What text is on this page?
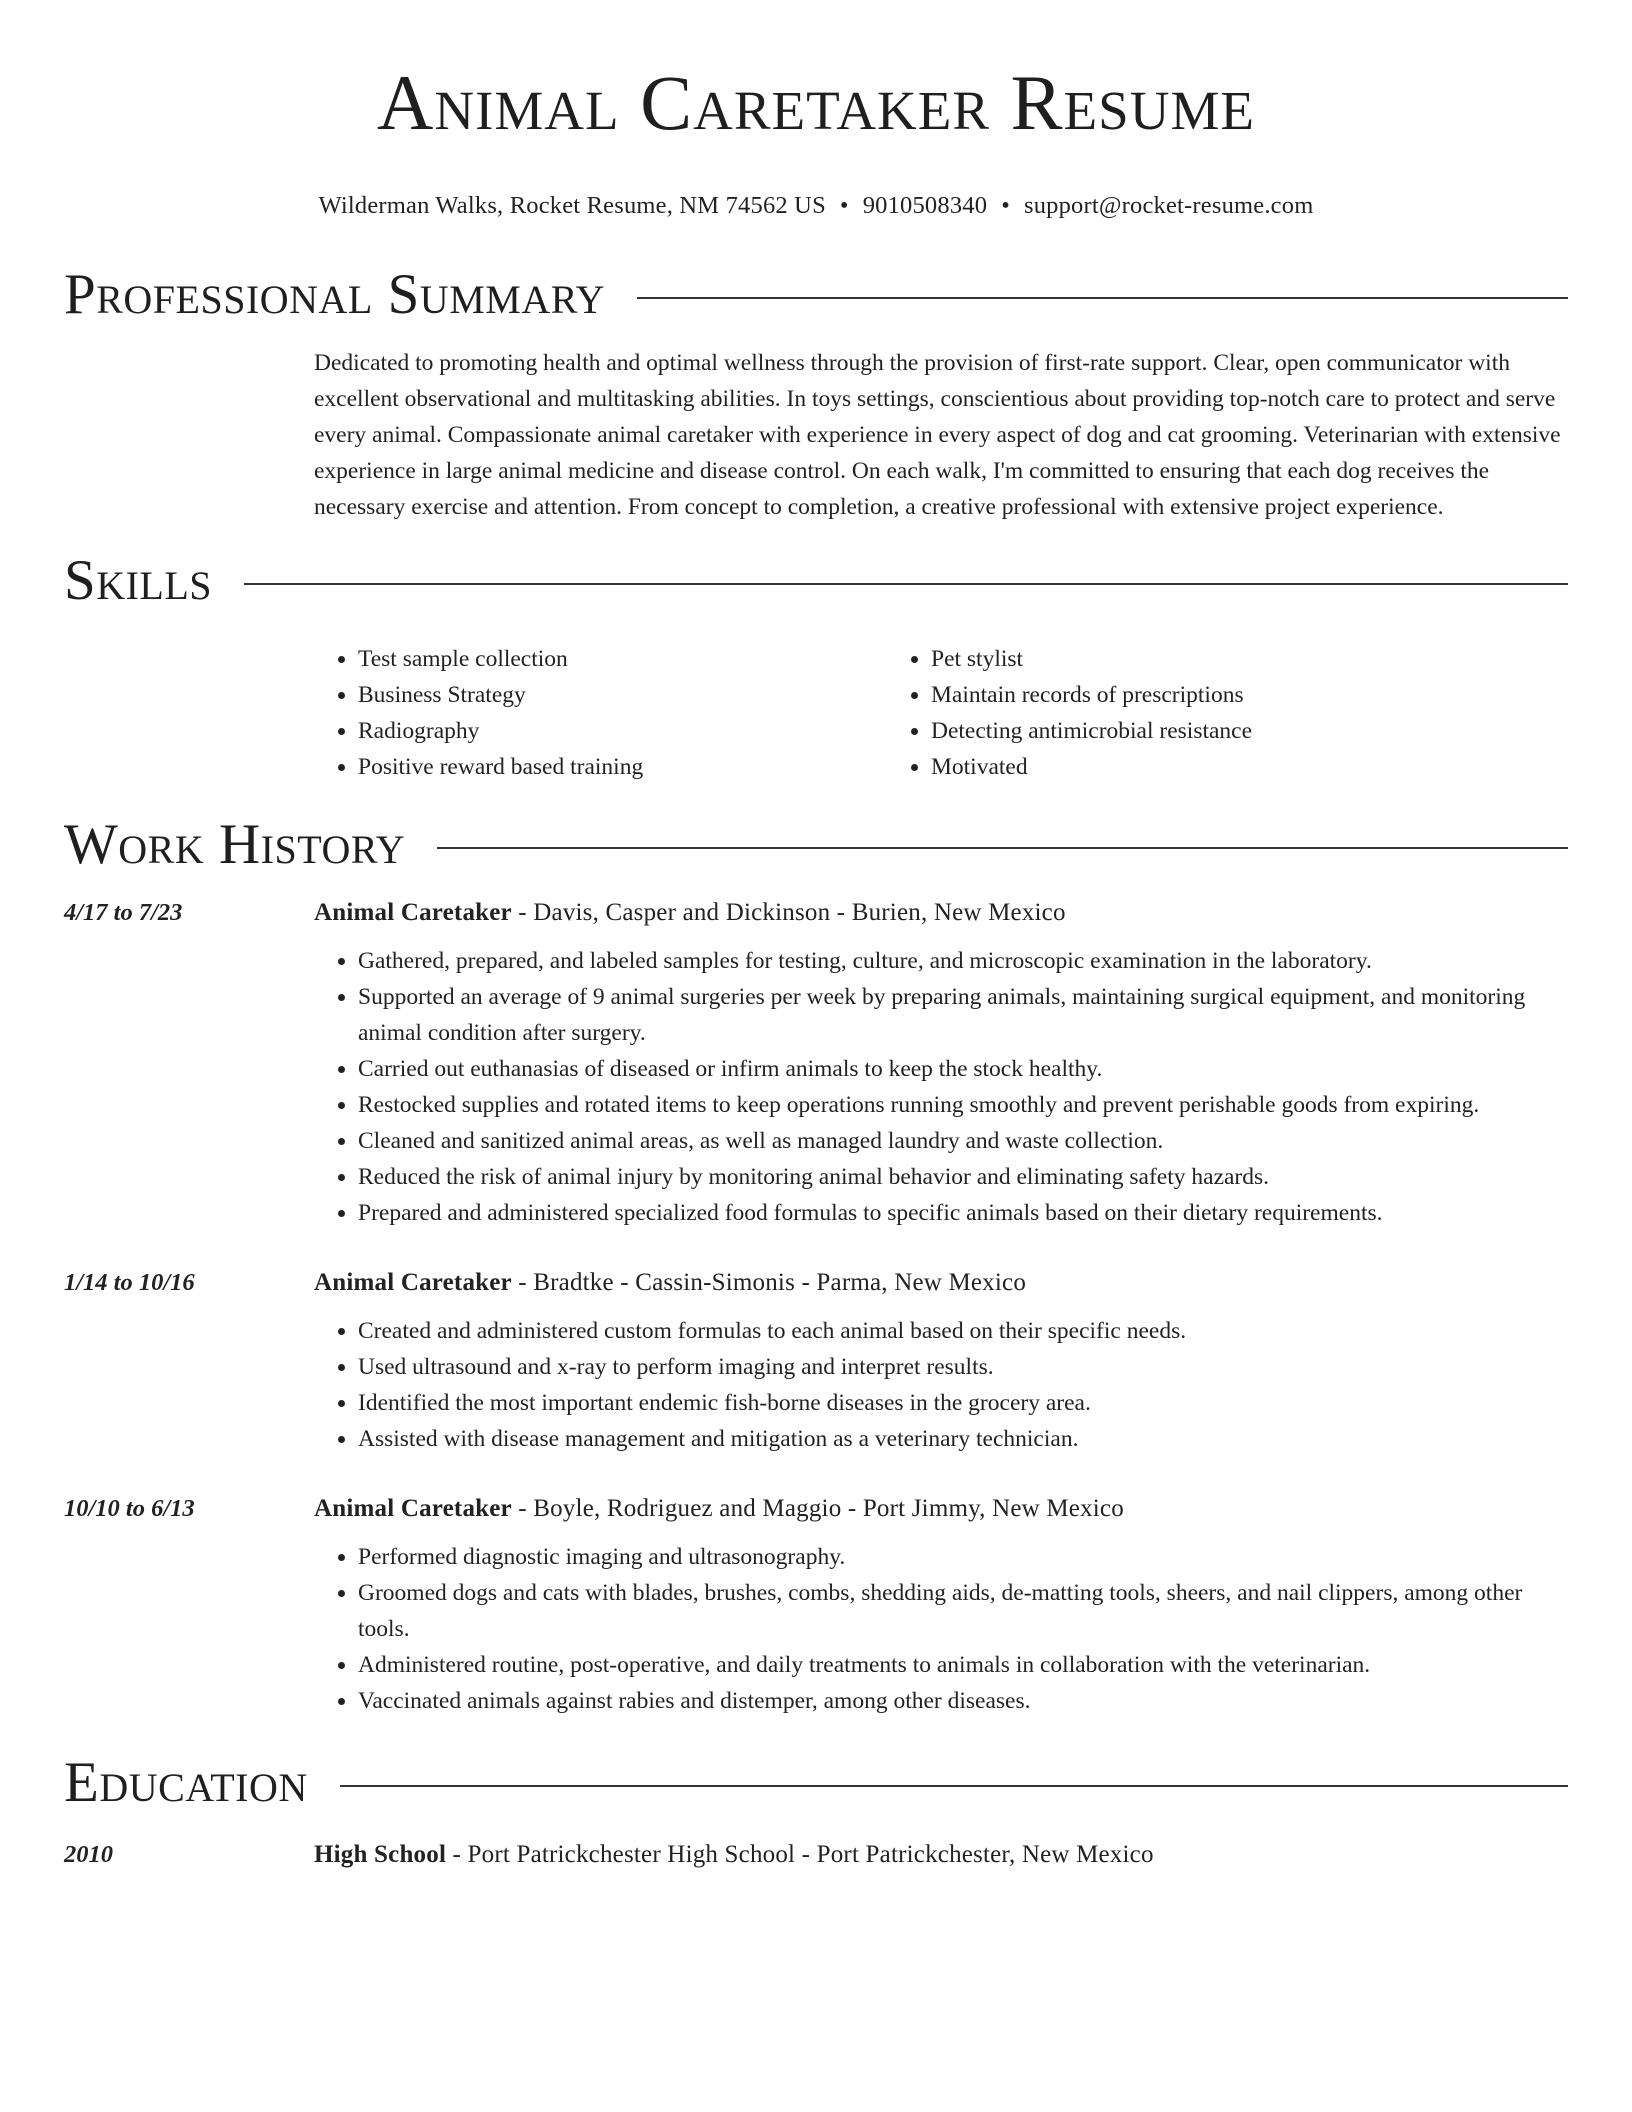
Animal Caretaker Resume
Wilderman Walks, Rocket Resume, NM 74562 US • 9010508340 • support@rocket-resume.com
Professional Summary
Dedicated to promoting health and optimal wellness through the provision of first-rate support. Clear, open communicator with excellent observational and multitasking abilities. In toys settings, conscientious about providing top-notch care to protect and serve every animal. Compassionate animal caretaker with experience in every aspect of dog and cat grooming. Veterinarian with extensive experience in large animal medicine and disease control. On each walk, I'm committed to ensuring that each dog receives the necessary exercise and attention. From concept to completion, a creative professional with extensive project experience.
Skills
• Test sample collection
• Business Strategy
• Radiography
• Positive reward based training
• Pet stylist
• Maintain records of prescriptions
• Detecting antimicrobial resistance
• Motivated
Work History
4/17 to 7/23	Animal Caretaker - Davis, Casper and Dickinson - Burien, New Mexico
• Gathered, prepared, and labeled samples for testing, culture, and microscopic examination in the laboratory.
• Supported an average of 9 animal surgeries per week by preparing animals, maintaining surgical equipment, and monitoring animal condition after surgery.
• Carried out euthanasias of diseased or infirm animals to keep the stock healthy.
• Restocked supplies and rotated items to keep operations running smoothly and prevent perishable goods from expiring.
• Cleaned and sanitized animal areas, as well as managed laundry and waste collection.
• Reduced the risk of animal injury by monitoring animal behavior and eliminating safety hazards.
• Prepared and administered specialized food formulas to specific animals based on their dietary requirements.
1/14 to 10/16	Animal Caretaker - Bradtke - Cassin-Simonis - Parma, New Mexico
• Created and administered custom formulas to each animal based on their specific needs.
• Used ultrasound and x-ray to perform imaging and interpret results.
• Identified the most important endemic fish-borne diseases in the grocery area.
• Assisted with disease management and mitigation as a veterinary technician.
10/10 to 6/13	Animal Caretaker - Boyle, Rodriguez and Maggio - Port Jimmy, New Mexico
• Performed diagnostic imaging and ultrasonography.
• Groomed dogs and cats with blades, brushes, combs, shedding aids, de-matting tools, sheers, and nail clippers, among other tools.
• Administered routine, post-operative, and daily treatments to animals in collaboration with the veterinarian.
• Vaccinated animals against rabies and distemper, among other diseases.
Education
2010	High School - Port Patrickchester High School - Port Patrickchester, New Mexico
